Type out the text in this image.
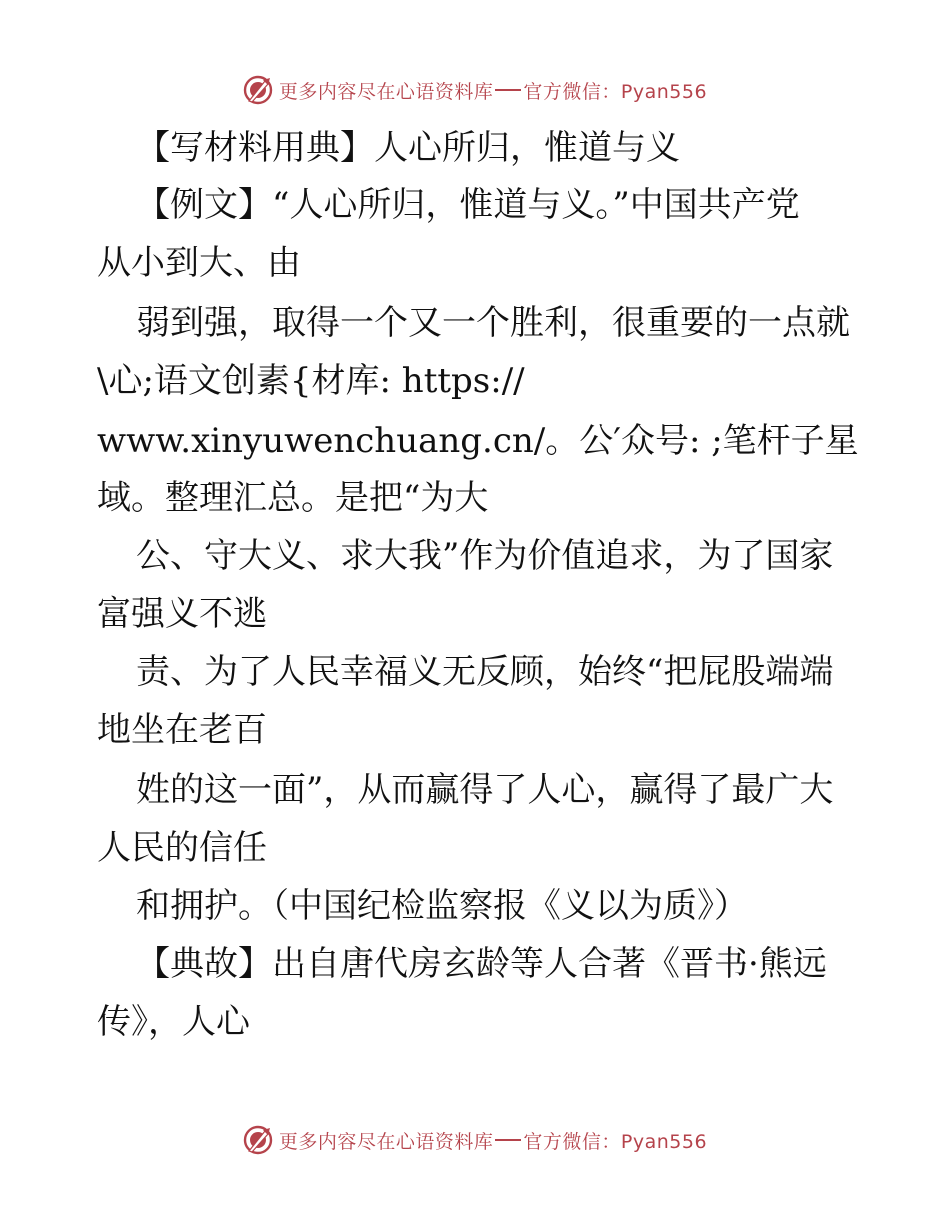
更多内容尽在心语资料库 官方微信：Pyan556
【写材料用典】人心所归，惟道与义
【例文】“人心所归，惟道与义。”中国共产党
从小到大、由
弱到强，取得一个又一个胜利，很重要的一点就
\心;语文创素{材库: https://
www.xinyuwenchuang.cn/。公′众号: ;笔杆子星
域。整理汇总。是把“为大
公、守大义、求大我”作为价值追求，为了国家
富强义不逃
责、为了人民幸福义无反顾，始终“把屁股端端
地坐在老百
姓的这一面”，从而赢得了人心，赢得了最广大
人民的信任
和拥护。（中国纪检监察报《义以为质》）
【典故】出自唐代房玄龄等人合著《晋书·熊远
传》，人心
更多内容尽在心语资料库 官方微信：Pyan556
